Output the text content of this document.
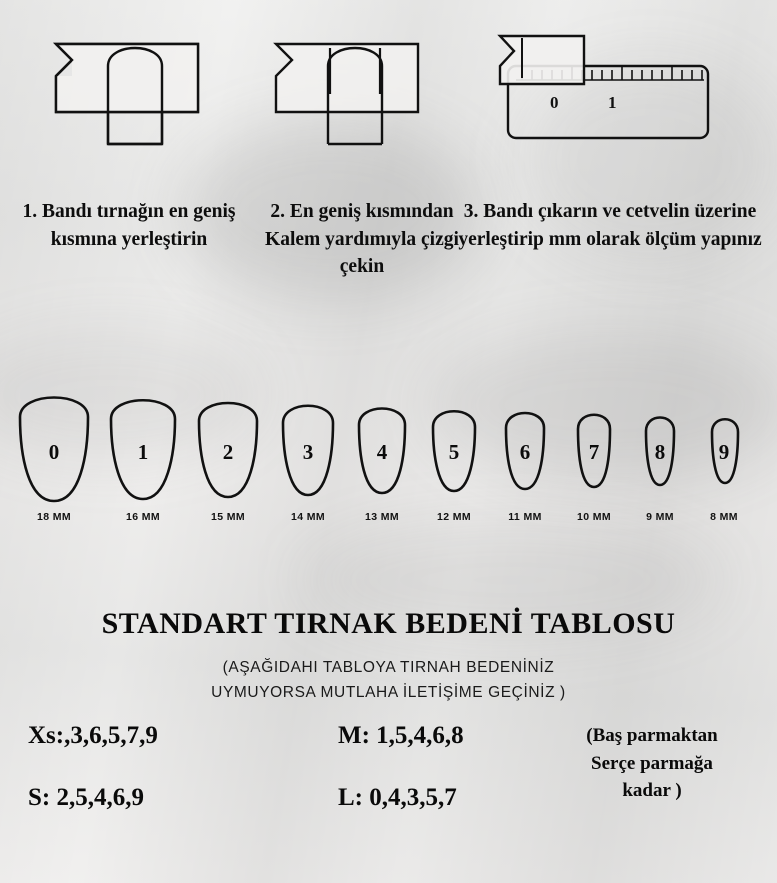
0	1
1. Bandı tırnağın en geniş kısmına yerleştirin
2. En geniş kısmından Kalem yardımıyla çizgi çekin
3. Bandı çıkarın ve cetvelin üzerine yerleştirip mm olarak ölçüm yapınız
0
18 MM
1
16 MM
2
15 MM
3
14 MM
4
13 MM
5
12 MM
6
11 MM
7
10 MM
8
9 MM
9
8 MM
STANDART TIRNAK BEDENİ TABLOSU
(AŞAĞIDAHI TABLOYA TIRNAH BEDENİNİZ
UYMUYORSA MUTLAHA İLETİŞİME GEÇİNİZ )
Xs:,3,6,5,7,9
S: 2,5,4,6,9
M: 1,5,4,6,8
L: 0,4,3,5,7
(Baş parmaktan
Serçe parmağa
kadar )
